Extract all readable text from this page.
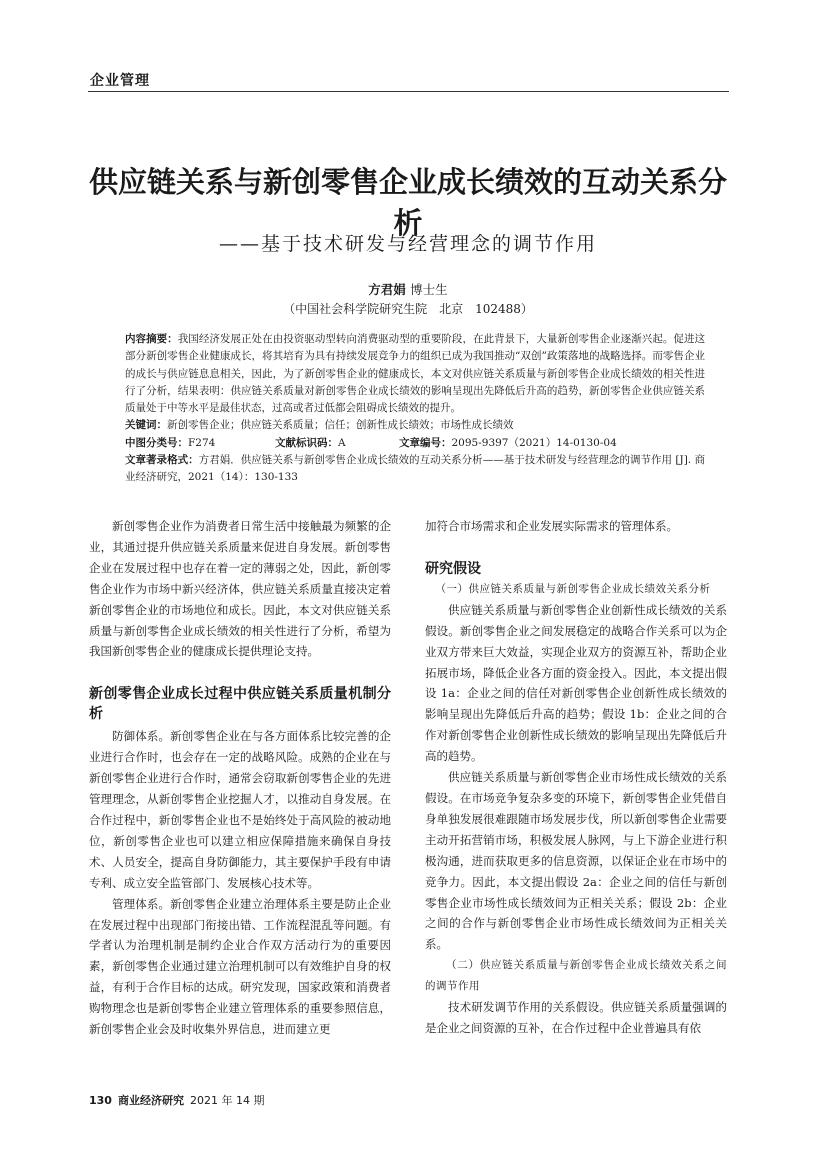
企业管理
供应链关系与新创零售企业成长绩效的互动关系分析
——基于技术研发与经营理念的调节作用
方君娟 博士生
（中国社会科学院研究生院　北京　102488）

内容摘要：我国经济发展正处在由投资驱动型转向消费驱动型的重要阶段，在此背景下，大量新创零售企业逐渐兴起。促进这部分新创零售企业健康成长，将其培育为具有持续发展竞争力的组织已成为我国推动“双创”政策落地的战略选择。而零售企业的成长与供应链息息相关，因此，为了新创零售企业的健康成长，本文对供应链关系质量与新创零售企业成长绩效的相关性进行了分析，结果表明：供应链关系质量对新创零售企业成长绩效的影响呈现出先降低后升高的趋势，新创零售企业供应链关系质量处于中等水平是最佳状态，过高或者过低都会阻碍成长绩效的提升。

关键词：新创零售企业；供应链关系质量；信任；创新性成长绩效；市场性成长绩效

中图分类号：F274	文献标识码：A	文章编号：2095-9397（2021）14-0130-04

文章著录格式：方君娟．供应链关系与新创零售企业成长绩效的互动关系分析——基于技术研发与经营理念的调节作用 [J]. 商业经济研究，2021（14）：130-133

新创零售企业作为消费者日常生活中接触最为频繁的企业，其通过提升供应链关系质量来促进自身发展。新创零售企业在发展过程中也存在着一定的薄弱之处，因此，新创零售企业作为市场中新兴经济体，供应链关系质量直接决定着新创零售企业的市场地位和成长。因此，本文对供应链关系质量与新创零售企业成长绩效的相关性进行了分析，希望为我国新创零售企业的健康成长提供理论支持。

新创零售企业成长过程中供应链关系质量机制分析

防御体系。新创零售企业在与各方面体系比较完善的企业进行合作时，也会存在一定的战略风险。成熟的企业在与新创零售企业进行合作时，通常会窃取新创零售企业的先进管理理念，从新创零售企业挖掘人才，以推动自身发展。在合作过程中，新创零售企业也不是始终处于高风险的被动地位，新创零售企业也可以建立相应保障措施来确保自身技术、人员安全，提高自身防御能力，其主要保护手段有申请专利、成立安全监管部门、发展核心技术等。

管理体系。新创零售企业建立治理体系主要是防止企业在发展过程中出现部门衔接出错、工作流程混乱等问题。有学者认为治理机制是制约企业合作双方活动行为的重要因素，新创零售企业通过建立治理机制可以有效维护自身的权益，有利于合作目标的达成。研究发现，国家政策和消费者购物理念也是新创零售企业建立管理体系的重要参照信息，新创零售企业会及时收集外界信息，进而建立更

加符合市场需求和企业发展实际需求的管理体系。

研究假设
（一）供应链关系质量与新创零售企业成长绩效关系分析

供应链关系质量与新创零售企业创新性成长绩效的关系假设。新创零售企业之间发展稳定的战略合作关系可以为企业双方带来巨大效益，实现企业双方的资源互补，帮助企业拓展市场，降低企业各方面的资金投入。因此，本文提出假设 1a：企业之间的信任对新创零售企业创新性成长绩效的影响呈现出先降低后升高的趋势；假设 1b：企业之间的合作对新创零售企业创新性成长绩效的影响呈现出先降低后升高的趋势。

供应链关系质量与新创零售企业市场性成长绩效的关系假设。在市场竞争复杂多变的环境下，新创零售企业凭借自身单独发展很难跟随市场发展步伐，所以新创零售企业需要主动开拓营销市场，积极发展人脉网，与上下游企业进行积极沟通，进而获取更多的信息资源，以保证企业在市场中的竞争力。因此，本文提出假设 2a：企业之间的信任与新创零售企业市场性成长绩效间为正相关关系；假设 2b：企业之间的合作与新创零售企业市场性成长绩效间为正相关关系。

（二）供应链关系质量与新创零售企业成长绩效关系之间的调节作用

技术研发调节作用的关系假设。供应链关系质量强调的是企业之间资源的互补，在合作过程中企业普遍具有依

130 商业经济研究 2021 年 14 期
